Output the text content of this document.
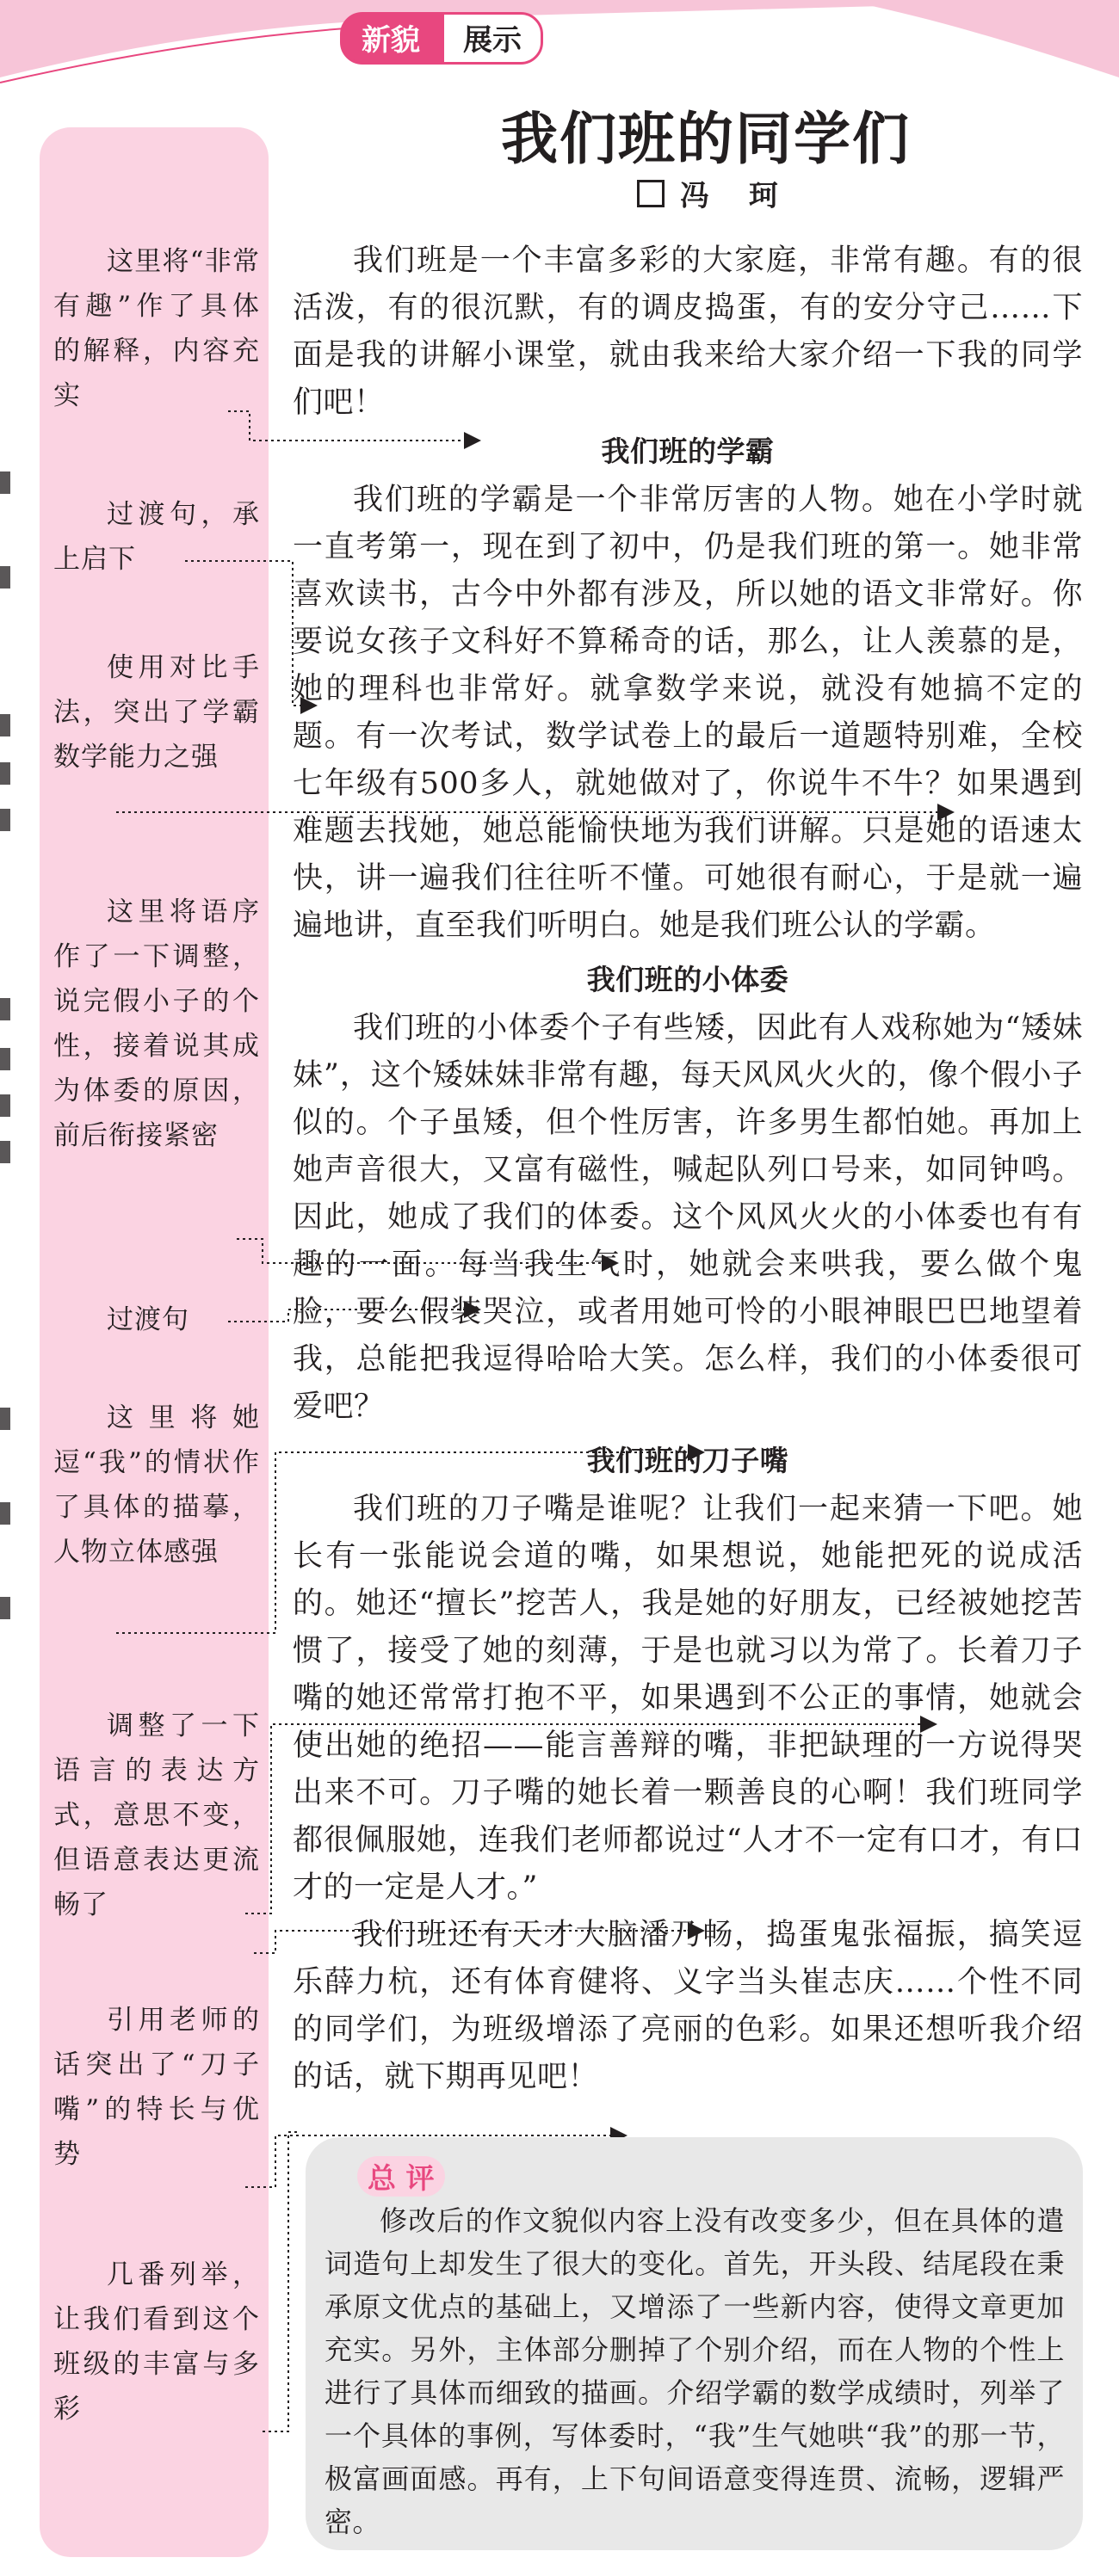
新貌	展示

这里将“非常有趣”作了具体的解释，内容充实

过渡句，承上启下

使用对比手法，突出了学霸数学能力之强

这里将语序作了一下调整，说完假小子的个性，接着说其成为体委的原因，前后衔接紧密

过渡句

这里将她逗“我”的情状作了具体的描摹，人物立体感强

调整了一下语言的表达方式，意思不变，但语意表达更流畅了

引用老师的话突出了“刀子嘴”的特长与优势

几番列举，让我们看到这个班级的丰富与多彩

我们班的同学们
冯　珂

我们班是一个丰富多彩的大家庭，非常有趣。有的很活泼，有的很沉默，有的调皮捣蛋，有的安分守己……下面是我的讲解小课堂，就由我来给大家介绍一下我的同学们吧！

我们班的学霸

我们班的学霸是一个非常厉害的人物。她在小学时就一直考第一，现在到了初中，仍是我们班的第一。她非常喜欢读书，古今中外都有涉及，所以她的语文非常好。你要说女孩子文科好不算稀奇的话，那么，让人羡慕的是，她的理科也非常好。就拿数学来说，就没有她搞不定的题。有一次考试，数学试卷上的最后一道题特别难，全校七年级有500多人，就她做对了，你说牛不牛？如果遇到难题去找她，她总能愉快地为我们讲解。只是她的语速太快，讲一遍我们往往听不懂。可她很有耐心，于是就一遍遍地讲，直至我们听明白。她是我们班公认的学霸。

我们班的小体委

我们班的小体委个子有些矮，因此有人戏称她为“矮妹妹”，这个矮妹妹非常有趣，每天风风火火的，像个假小子似的。个子虽矮，但个性厉害，许多男生都怕她。再加上她声音很大，又富有磁性，喊起队列口号来，如同钟鸣。因此，她成了我们的体委。这个风风火火的小体委也有有趣的一面。每当我生气时，她就会来哄我，要么做个鬼脸，要么假装哭泣，或者用她可怜的小眼神眼巴巴地望着我，总能把我逗得哈哈大笑。怎么样，我们的小体委很可爱吧？

我们班的刀子嘴

我们班的刀子嘴是谁呢？让我们一起来猜一下吧。她长有一张能说会道的嘴，如果想说，她能把死的说成活的。她还“擅长”挖苦人，我是她的好朋友，已经被她挖苦惯了，接受了她的刻薄，于是也就习以为常了。长着刀子嘴的她还常常打抱不平，如果遇到不公正的事情，她就会使出她的绝招——能言善辩的嘴，非把缺理的一方说得哭出来不可。刀子嘴的她长着一颗善良的心啊！我们班同学都很佩服她，连我们老师都说过“人才不一定有口才，有口才的一定是人才。”

我们班还有天才大脑潘乃畅，捣蛋鬼张福振，搞笑逗乐薛力杭，还有体育健将、义字当头崔志庆……个性不同的同学们，为班级增添了亮丽的色彩。如果还想听我介绍的话，就下期再见吧！

总 评

修改后的作文貌似内容上没有改变多少，但在具体的遣词造句上却发生了很大的变化。首先，开头段、结尾段在秉承原文优点的基础上，又增添了一些新内容，使得文章更加充实。另外，主体部分删掉了个别介绍，而在人物的个性上进行了具体而细致的描画。介绍学霸的数学成绩时，列举了一个具体的事例，写体委时，“我”生气她哄“我”的那一节，极富画面感。再有，上下句间语意变得连贯、流畅，逻辑严密。
